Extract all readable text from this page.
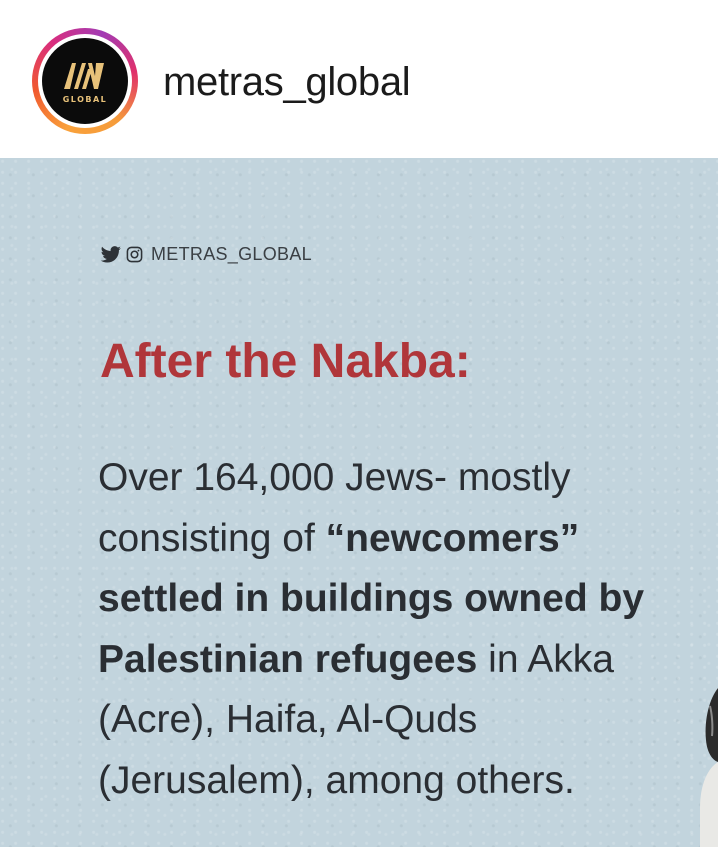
GLOBAL metras_global
METRAS_GLOBAL
After the Nakba:
Over 164,000 Jews- mostly consisting of “newcomers” settled in buildings owned by Palestinian refugees in Akka (Acre), Haifa, Al-Quds (Jerusalem), among others.
